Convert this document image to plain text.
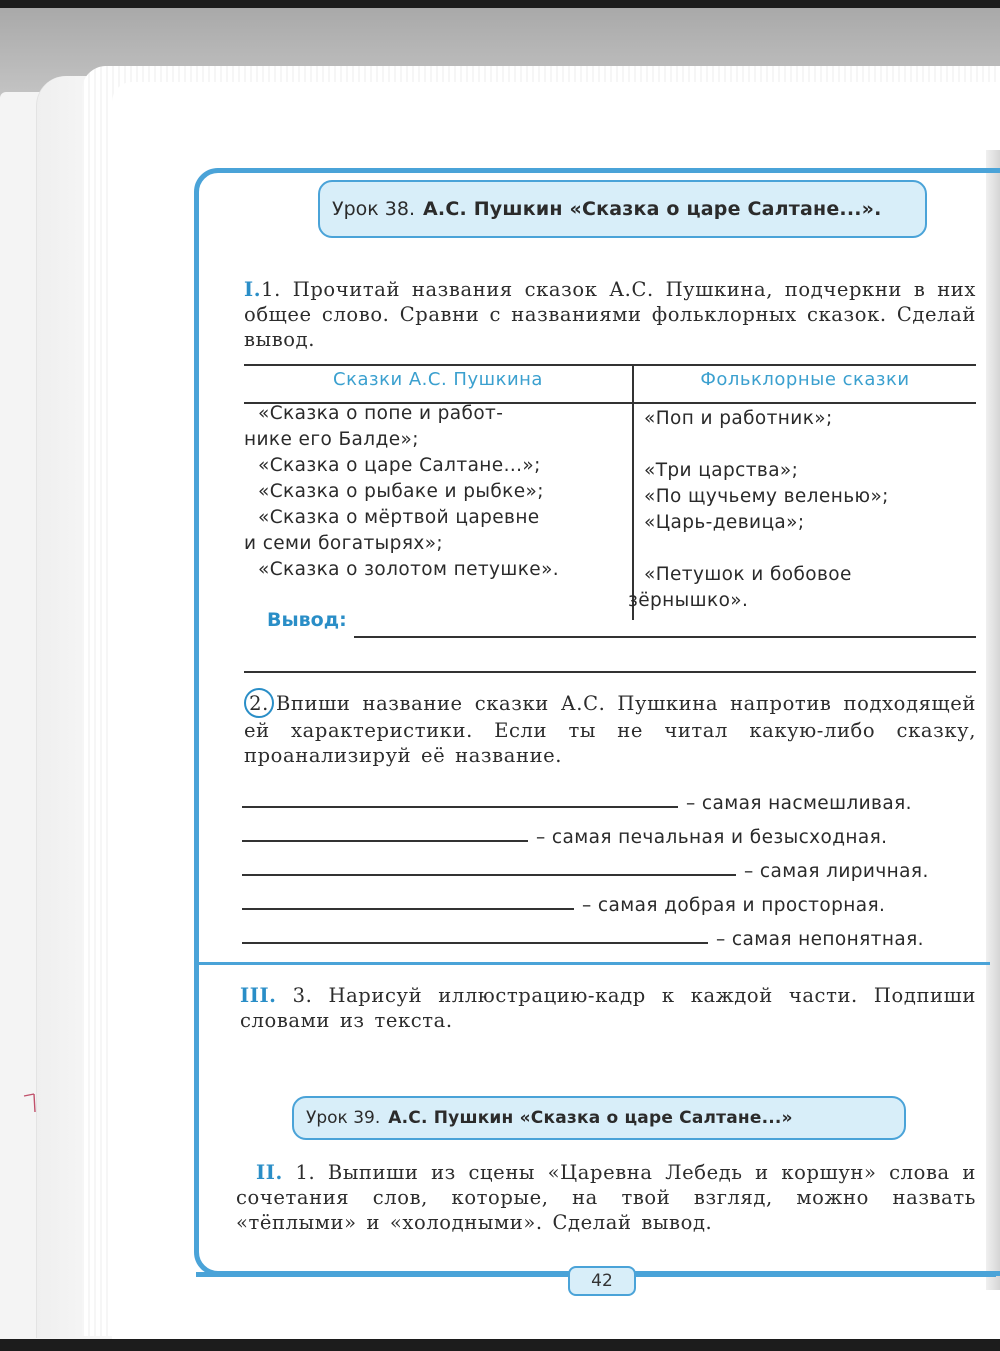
Урок 38. А.С. Пушкин «Сказка о царе Салтане...».
I.1. Прочитай названия сказок А.С. Пушкина, подчеркни в них общее слово. Сравни с названиями фольклорных сказок. Сделай вывод.
Сказки А.С. Пушкина	Фольклорные сказки

«Сказка о попе и работ-

нике его Балде»;

«Сказка о царе Салтане...»;

«Сказка о рыбаке и рыбке»;

«Сказка о мёртвой царевне

и семи богатырях»;

«Сказка о золотом петушке».

«Поп и работник»;

«Три царства»;

«По щучьему веленью»;

«Царь-девица»;

«Петушок и бобовое

зёрнышко».

Вывод:
2. Впиши название сказки А.С. Пушкина напротив подходящей ей характеристики. Если ты не читал какую-либо сказку, проанализируй её название.
– самая насмешливая.
– самая печальная и безысходная.
– самая лиричная.
– самая добрая и просторная.
– самая непонятная.
III. 3. Нарисуй иллюстрацию-кадр к каждой части. Подпиши словами из текста.
Урок 39. А.С. Пушкин «Сказка о царе Салтане...»
II. 1. Выпиши из сцены «Царевна Лебедь и коршун» слова и сочетания слов, которые, на твой взгляд, можно назвать «тёплыми» и «холодными». Сделай вывод.
42
